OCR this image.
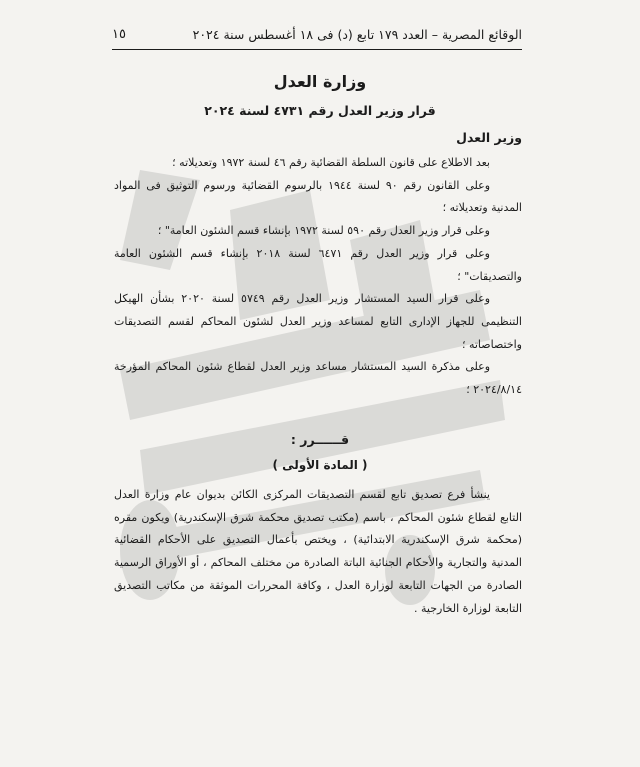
١٥	الوقائع المصرية – العدد ١٧٩ تابع (د) فى ١٨ أغسطس سنة ٢٠٢٤
وزارة العدل
قرار وزير العدل رقم ٤٧٣١ لسنة ٢٠٢٤
وزير العدل

بعد الاطلاع على قانون السلطة القضائية رقم ٤٦ لسنة ١٩٧٢ وتعديلاته ؛

وعلى القانون رقم ٩٠ لسنة ١٩٤٤ بالرسوم القضائية ورسوم التوثيق فى المواد المدنية وتعديلاته ؛

وعلى قرار وزير العدل رقم ٥٩٠ لسنة ١٩٧٢ بإنشاء قسم الشئون العامة" ؛

وعلى قرار وزير العدل رقم ٦٤٧١ لسنة ٢٠١٨ بإنشاء قسم الشئون العامة والتصديقات" ؛

وعلى قرار السيد المستشار وزير العدل رقم ٥٧٤٩ لسنة ٢٠٢٠ بشأن الهيكل التنظيمى للجهاز الإدارى التابع لمساعد وزير العدل لشئون المحاكم لقسم التصديقات واختصاصاته ؛

وعلى مذكرة السيد المستشار مساعد وزير العدل لقطاع شئون المحاكم المؤرخة ٢٠٢٤/٨/١٤ ؛

قــــــرر :
( المادة الأولى )

ينشأ فرع تصديق تابع لقسم التصديقات المركزى الكائن بديوان عام وزارة العدل التابع لقطاع شئون المحاكم ، باسم (مكتب تصديق محكمة شرق الإسكندرية) ويكون مقره (محكمة شرق الإسكندرية الابتدائية) ، ويختص بأعمال التصديق على الأحكام القضائية المدنية والتجارية والأحكام الجنائية الباتة الصادرة من مختلف المحاكم ، أو الأوراق الرسمية الصادرة من الجهات التابعة لوزارة العدل ، وكافة المحررات الموثقة من مكاتب التصديق التابعة لوزارة الخارجية .
